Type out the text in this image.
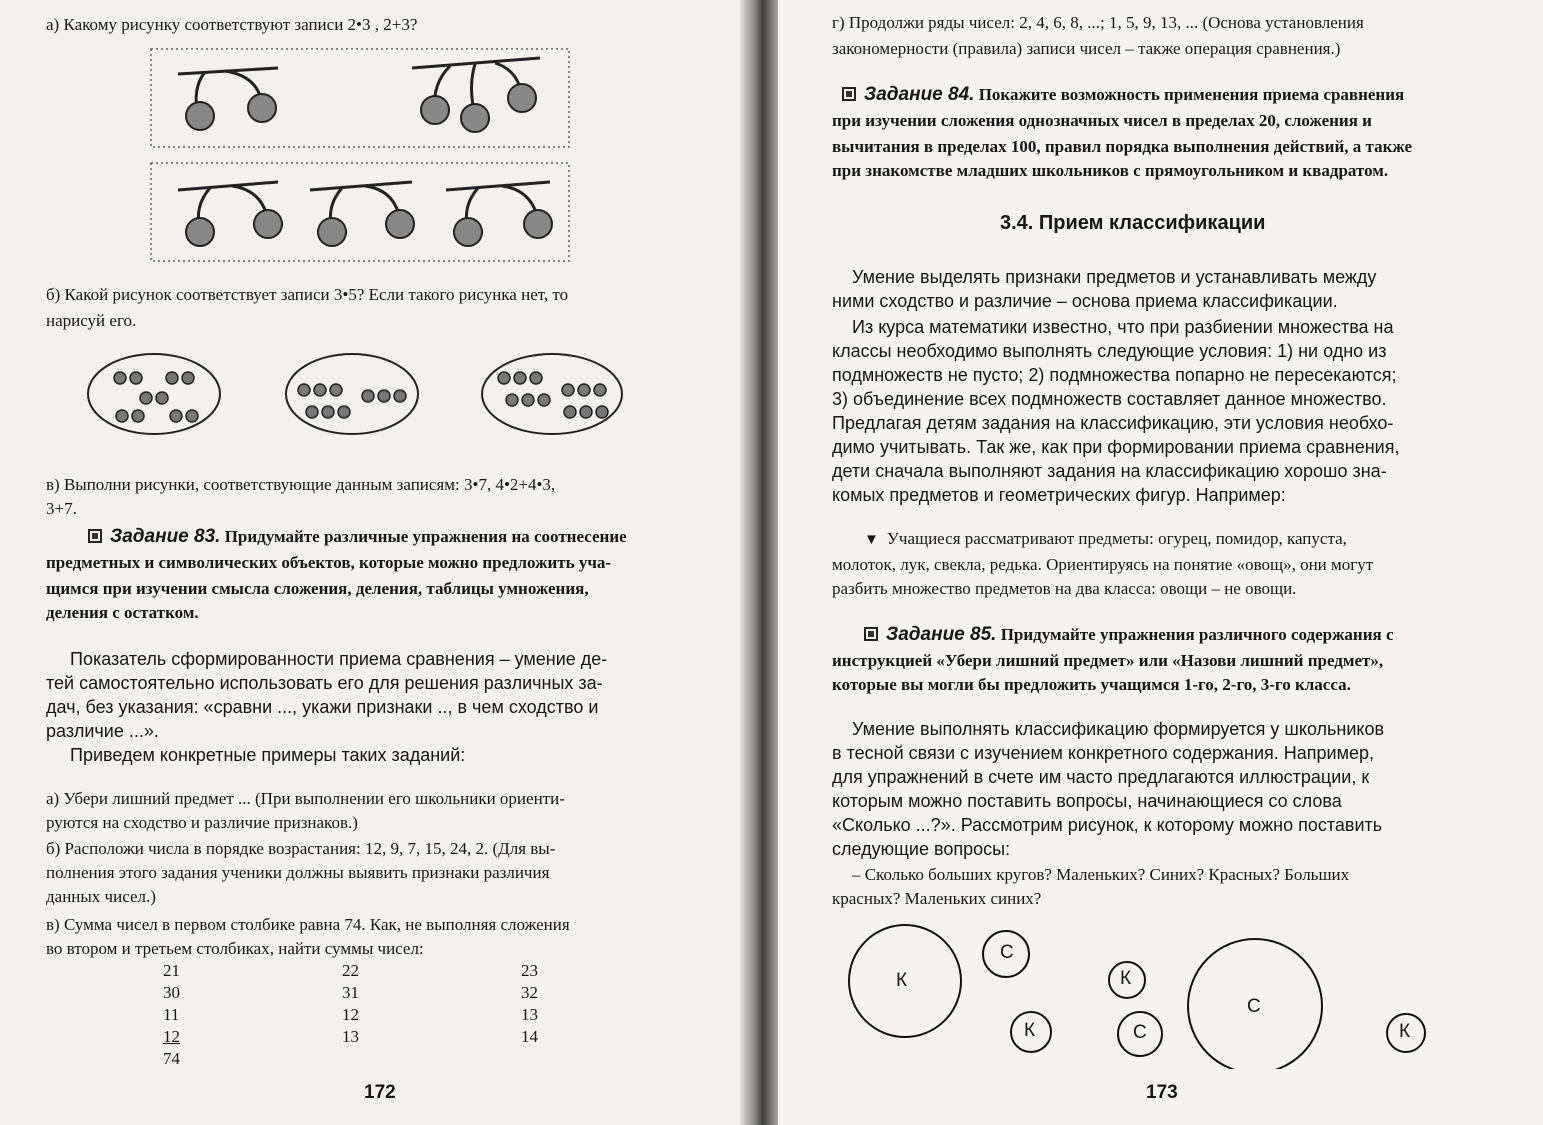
а) Какому рисунку соответствуют записи 2•3 , 2+3?
б) Какой рисунок соответствует записи 3•5? Если такого рисунка нет, то
нарисуй его.
в) Выполни рисунки, соответствующие данным записям: 3•7, 4•2+4•3,
3+7.
Задание 83. Придумайте различные упражнения на соотнесение
предметных и символических объектов, которые можно предложить уча-
щимся при изучении смысла сложения, деления, таблицы умножения,
деления с остатком.
Показатель сформированности приема сравнения – умение де-
тей самостоятельно использовать его для решения различных за-
дач, без указания: «сравни ..., укажи признаки .., в чем сходство и
различие ...».
Приведем конкретные примеры таких заданий:
а) Убери лишний предмет ... (При выполнении его школьники ориенти-
руются на сходство и различие признаков.)
б) Расположи числа в порядке возрастания: 12, 9, 7, 15, 24, 2. (Для вы-
полнения этого задания ученики должны выявить признаки различия
данных чисел.)
в) Сумма чисел в первом столбике равна 74. Как, не выполняя сложения
во втором и третьем столбиках, найти суммы чисел:
21
30
11
12
74
22
31
12
13
23
32
13
14
172
г) Продолжи ряды чисел: 2, 4, 6, 8, ...; 1, 5, 9, 13, ... (Основа установления
закономерности (правила) записи чисел – также операция сравнения.)
Задание 84. Покажите возможность применения приема сравнения
при изучении сложения однозначных чисел в пределах 20, сложения и
вычитания в пределах 100, правил порядка выполнения действий, а также
при знакомстве младших школьников с прямоугольником и квадратом.
3.4. Прием классификации
Умение выделять признаки предметов и устанавливать между
ними сходство и различие – основа приема классификации.
Из курса математики известно, что при разбиении множества на
классы необходимо выполнять следующие условия: 1) ни одно из
подмножеств не пусто; 2) подмножества попарно не пересекаются;
3) объединение всех подмножеств составляет данное множество.
Предлагая детям задания на классификацию, эти условия необхо-
димо учитывать. Так же, как при формировании приема сравнения,
дети сначала выполняют задания на классификацию хорошо зна-
комых предметов и геометрических фигур. Например:
▼ Учащиеся рассматривают предметы: огурец, помидор, капуста,
молоток, лук, свекла, редька. Ориентируясь на понятие «овощ», они могут
разбить множество предметов на два класса: овощи – не овощи.
Задание 85. Придумайте упражнения различного содержания с
инструкцией «Убери лишний предмет» или «Назови лишний предмет»,
которые вы могли бы предложить учащимся 1-го, 2-го, 3-го класса.
Умение выполнять классификацию формируется у школьников
в тесной связи с изучением конкретного содержания. Например,
для упражнений в счете им часто предлагаются иллюстрации, к
которым можно поставить вопросы, начинающиеся со слова
«Сколько ...?». Рассмотрим рисунок, к которому можно поставить
следующие вопросы:
– Сколько больших кругов? Маленьких? Синих? Красных? Больших
красных? Маленьких синих?
К
С
К
К
С
С
К
173
